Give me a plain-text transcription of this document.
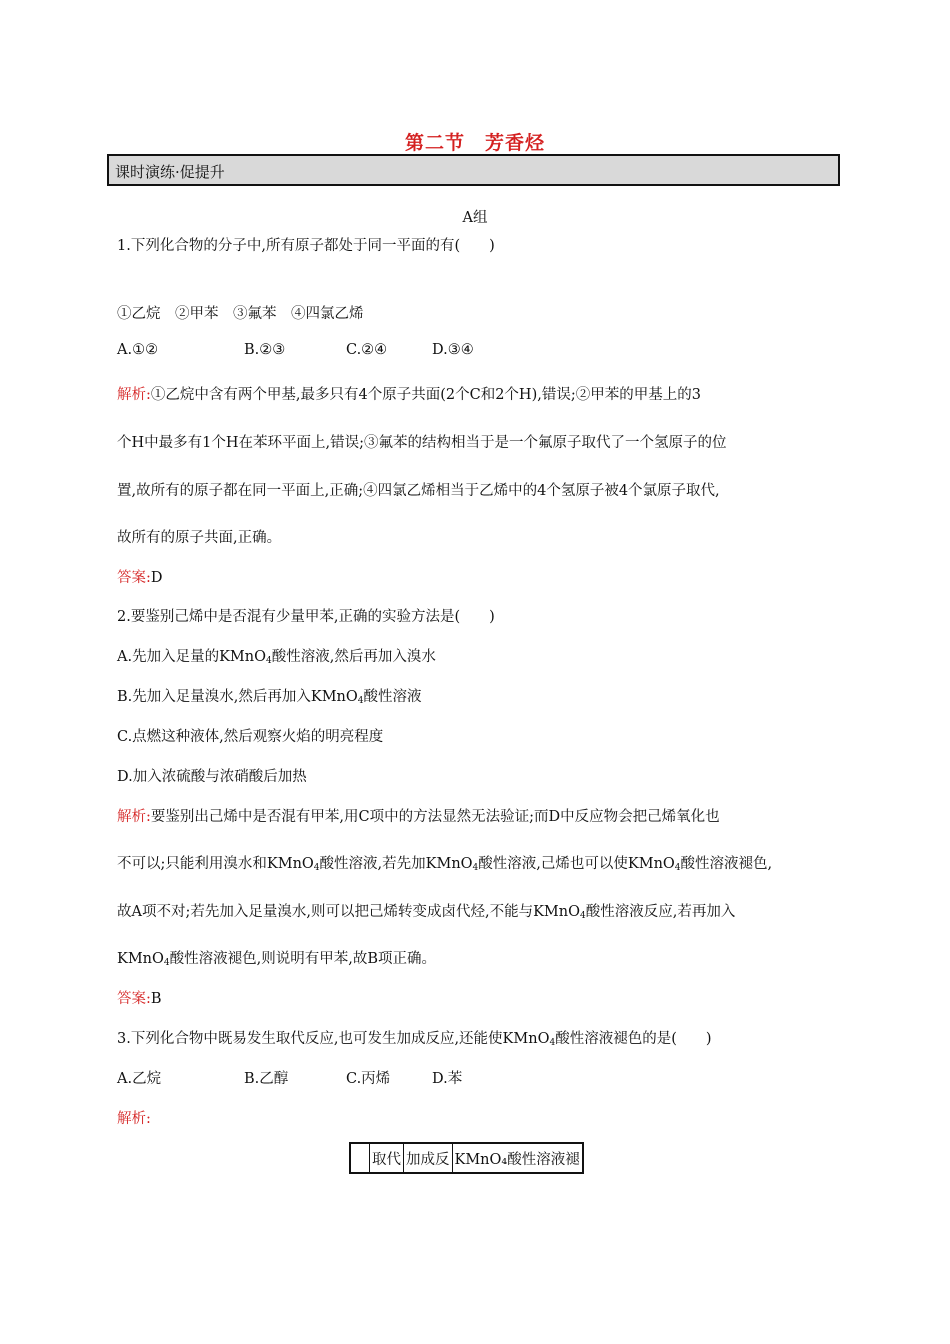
第二节　芳香烃
课时演练·促提升
A组
1.下列化合物的分子中,所有原子都处于同一平面的有(　　)
①乙烷　②甲苯　③氟苯　④四氯乙烯
A.①②	B.②③	C.②④	D.③④
解析:①乙烷中含有两个甲基,最多只有4个原子共面(2个C和2个H),错误;②甲苯的甲基上的3
个H中最多有1个H在苯环平面上,错误;③氟苯的结构相当于是一个氟原子取代了一个氢原子的位
置,故所有的原子都在同一平面上,正确;④四氯乙烯相当于乙烯中的4个氢原子被4个氯原子取代,
故所有的原子共面,正确。
答案:D
2.要鉴别己烯中是否混有少量甲苯,正确的实验方法是(　　)
A.先加入足量的KMnO$_4$酸性溶液,然后再加入溴水
B.先加入足量溴水,然后再加入KMnO$_4$酸性溶液
C.点燃这种液体,然后观察火焰的明亮程度
D.加入浓硫酸与浓硝酸后加热
解析:要鉴别出己烯中是否混有甲苯,用C项中的方法显然无法验证;而D中反应物会把己烯氧化也
不可以;只能利用溴水和KMnO$_4$酸性溶液,若先加KMnO$_4$酸性溶液,己烯也可以使KMnO$_4$酸性溶液褪色,
故A项不对;若先加入足量溴水,则可以把己烯转变成卤代烃,不能与KMnO$_4$酸性溶液反应,若再加入
KMnO$_4$酸性溶液褪色,则说明有甲苯,故B项正确。
答案:B
3.下列化合物中既易发生取代反应,也可发生加成反应,还能使KMnO$_4$酸性溶液褪色的是(　　)
A.乙烷	B.乙醇	C.丙烯	D.苯
解析:
	取代	加成反	KMnO₄酸性溶液褪
